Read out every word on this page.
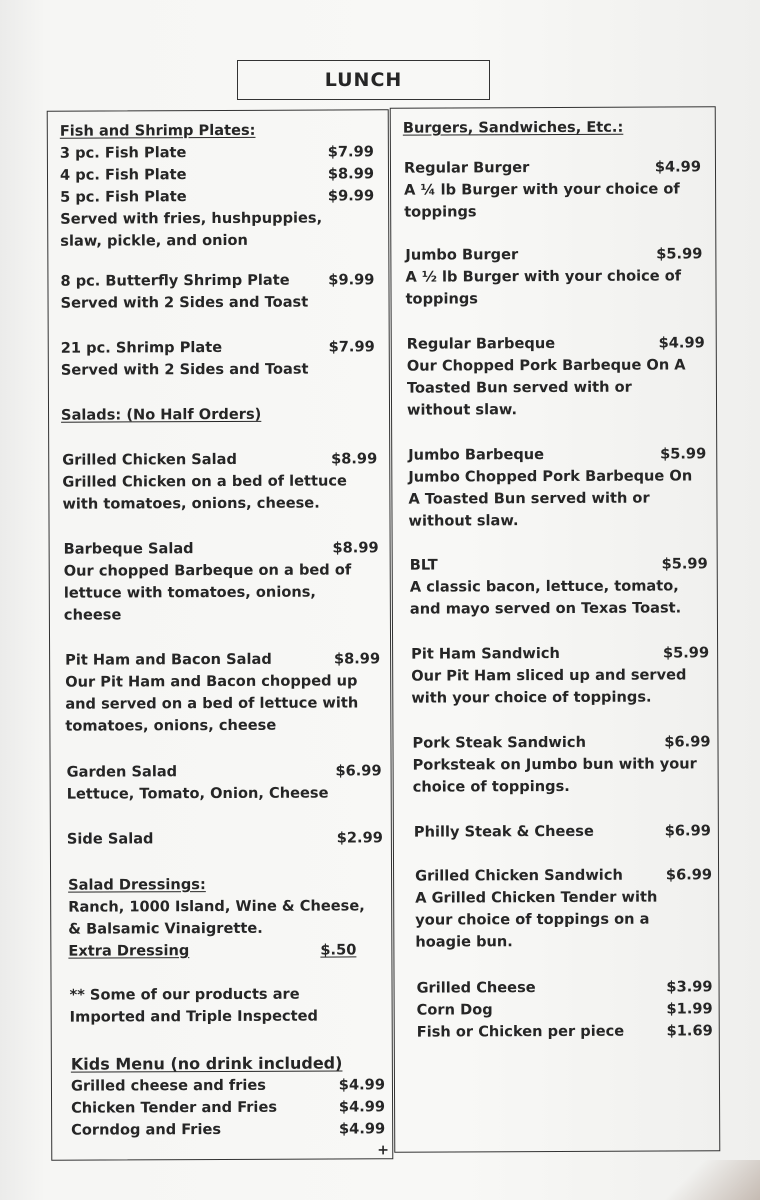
LUNCH
Fish and Shrimp Plates:
3 pc. Fish Plate	$7.99
4 pc. Fish Plate	$8.99
5 pc. Fish Plate	$9.99
Served with fries, hushpuppies,
slaw, pickle, and onion
8 pc. Butterfly Shrimp Plate	$9.99
Served with 2 Sides and Toast
21 pc. Shrimp Plate	$7.99
Served with 2 Sides and Toast
Salads: (No Half Orders)
Grilled Chicken Salad	$8.99
Grilled Chicken on a bed of lettuce
with tomatoes, onions, cheese.
Barbeque Salad	$8.99
Our chopped Barbeque on a bed of
lettuce with tomatoes, onions,
cheese
Pit Ham and Bacon Salad	$8.99
Our Pit Ham and Bacon chopped up
and served on a bed of lettuce with
tomatoes, onions, cheese
Garden Salad	$6.99
Lettuce, Tomato, Onion, Cheese
Side Salad	$2.99
Salad Dressings:
Ranch, 1000 Island, Wine & Cheese,
& Balsamic Vinaigrette.
Extra Dressing	$.50
** Some of our products are
Imported and Triple Inspected
Kids Menu (no drink included)
Grilled cheese and fries	$4.99
Chicken Tender and Fries	$4.99
Corndog and Fries	$4.99
+
Burgers, Sandwiches, Etc.:
Regular Burger	$4.99
A ¼ lb Burger with your choice of
toppings
Jumbo Burger	$5.99
A ½ lb Burger with your choice of
toppings
Regular Barbeque	$4.99
Our Chopped Pork Barbeque On A
Toasted Bun served with or
without slaw.
Jumbo Barbeque	$5.99
Jumbo Chopped Pork Barbeque On
A Toasted Bun served with or
without slaw.
BLT	$5.99
A classic bacon, lettuce, tomato,
and mayo served on Texas Toast.
Pit Ham Sandwich	$5.99
Our Pit Ham sliced up and served
with your choice of toppings.
Pork Steak Sandwich	$6.99
Porksteak on Jumbo bun with your
choice of toppings.
Philly Steak & Cheese	$6.99
Grilled Chicken Sandwich	$6.99
A Grilled Chicken Tender with
your choice of toppings on a
hoagie bun.
Grilled Cheese	$3.99
Corn Dog	$1.99
Fish or Chicken per piece	$1.69
